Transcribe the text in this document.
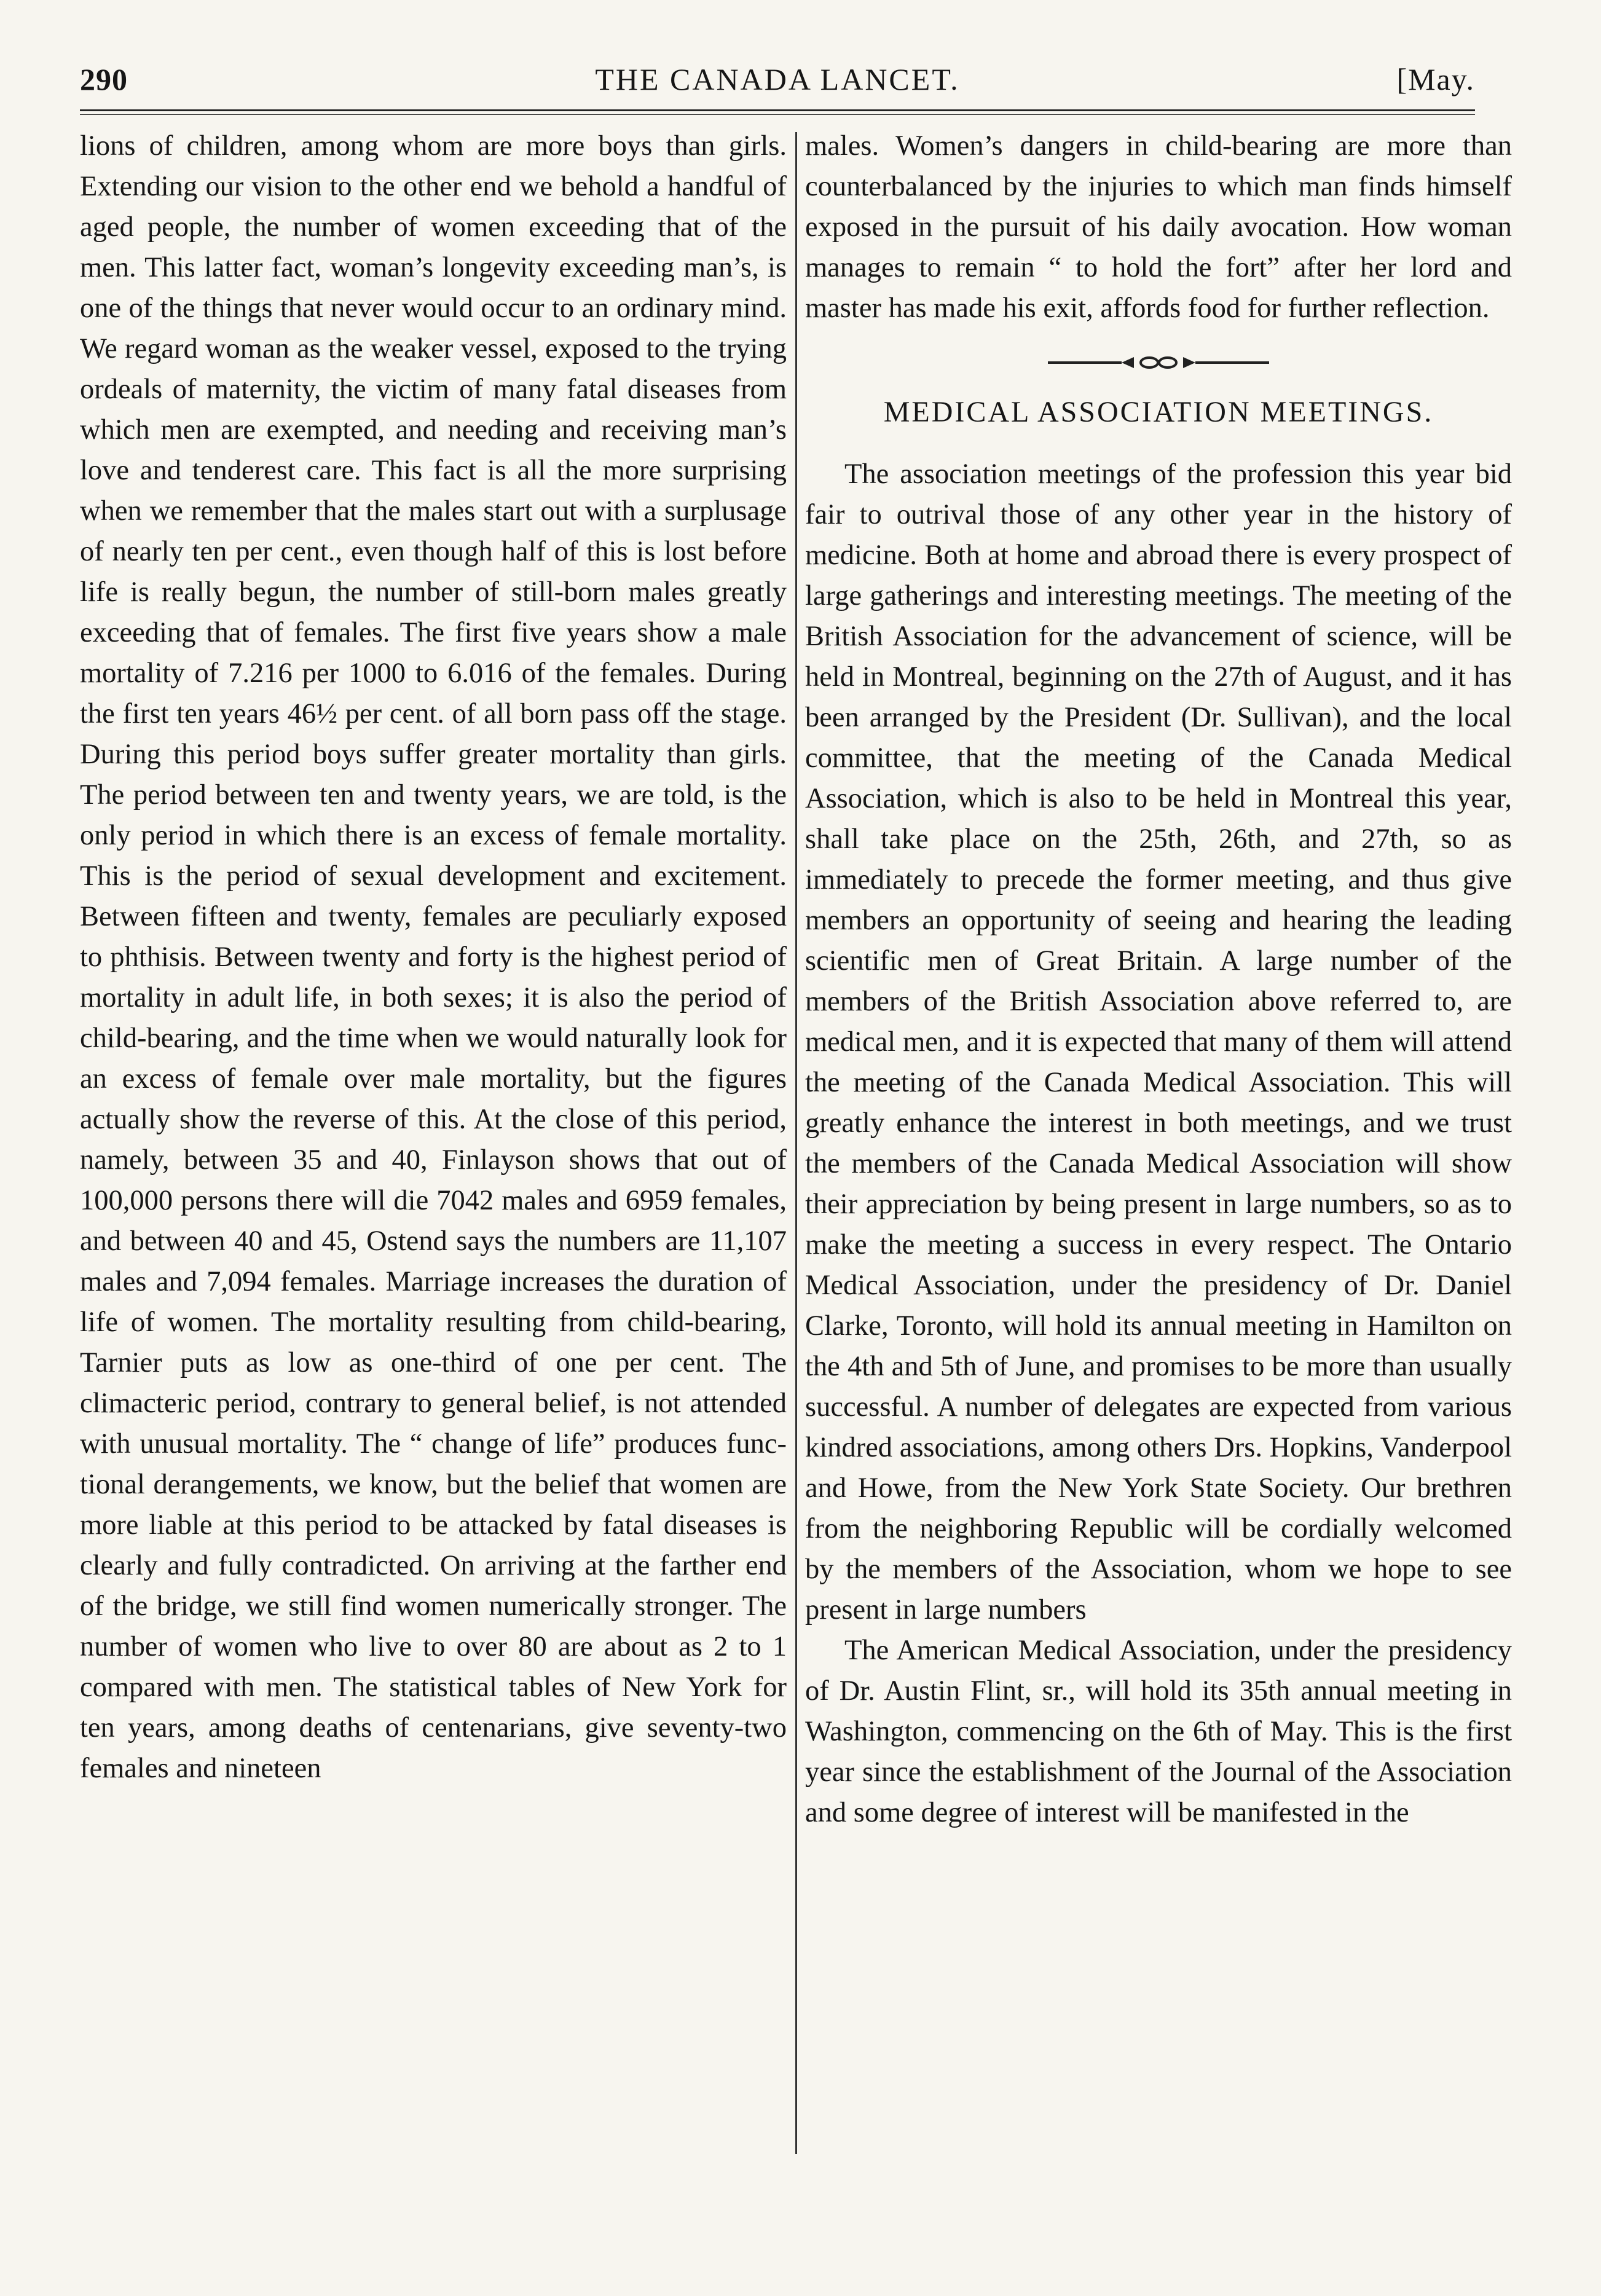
290	THE CANADA LANCET.	[May.

lions of children, among whom are more boys than girls. Extending our vision to the other end we behold a handful of aged people, the number of women exceeding that of the men. This latter fact, woman’s longevity exceeding man’s, is one of the things that never would occur to an ordinary mind. We regard woman as the weaker vessel, exposed to the trying ordeals of maternity, the victim of many fatal diseases from which men are exempted, and needing and receiving man’s love and tenderest care. This fact is all the more surprising when we remember that the males start out with a surplusage of nearly ten per cent., even though half of this is lost before life is really begun, the number of still-born males greatly exceeding that of females. The first five years show a male mortality of 7.216 per 1000 to 6.016 of the females. During the first ten years 46½ per cent. of all born pass off the stage. During this period boys suffer greater mortality than girls. The period between ten and twenty years, we are told, is the only period in which there is an excess of female mortality. This is the period of sexual development and excitement. Between fifteen and twenty, females are peculiarly exposed to phthisis. Between twenty and forty is the highest period of mortality in adult life, in both sexes; it is also the period of child-bearing, and the time when we would naturally look for an excess of female over male mortality, but the figures actually show the reverse of this. At the close of this period, namely, between 35 and 40, Finlayson shows that out of 100,000 persons there will die 7042 males and 6959 females, and between 40 and 45, Ostend says the numbers are 11,107 males and 7,094 females. Marriage increases the duration of life of women. The mortality resulting from child-bearing, Tarnier puts as low as one-third of one per cent. The climacteric period, contrary to general belief, is not attended with unusual mortality. The “ change of life” produces functional derangements, we know, but the belief that women are more liable at this period to be attacked by fatal diseases is clearly and fully contradicted. On arriving at the farther end of the bridge, we still find women numerically stronger. The number of women who live to over 80 are about as 2 to 1 compared with men. The statistical tables of New York for ten years, among deaths of centenarians, give seventy-two females and nineteen

males. Women’s dangers in child-bearing are more than counterbalanced by the injuries to which man finds himself exposed in the pursuit of his daily avocation. How woman manages to remain “ to hold the fort” after her lord and master has made his exit, affords food for further reflection.

MEDICAL ASSOCIATION MEETINGS.

The association meetings of the profession this year bid fair to outrival those of any other year in the history of medicine. Both at home and abroad there is every prospect of large gatherings and interesting meetings. The meeting of the British Association for the advancement of science, will be held in Montreal, beginning on the 27th of August, and it has been arranged by the President (Dr. Sullivan), and the local committee, that the meeting of the Canada Medical Association, which is also to be held in Montreal this year, shall take place on the 25th, 26th, and 27th, so as immediately to precede the former meeting, and thus give members an opportunity of seeing and hearing the leading scientific men of Great Britain. A large number of the members of the British Association above referred to, are medical men, and it is expected that many of them will attend the meeting of the Canada Medical Association. This will greatly enhance the interest in both meetings, and we trust the members of the Canada Medical Association will show their appreciation by being present in large numbers, so as to make the meeting a success in every respect. The Ontario Medical Association, under the presidency of Dr. Daniel Clarke, Toronto, will hold its annual meeting in Hamilton on the 4th and 5th of June, and promises to be more than usually successful. A number of delegates are expected from various kindred associations, among others Drs. Hopkins, Vanderpool and Howe, from the New York State Society. Our brethren from the neighboring Republic will be cordially welcomed by the members of the Association, whom we hope to see present in large numbers

The American Medical Association, under the presidency of Dr. Austin Flint, sr., will hold its 35th annual meeting in Washington, commencing on the 6th of May. This is the first year since the establishment of the Journal of the Association and some degree of interest will be manifested in the
